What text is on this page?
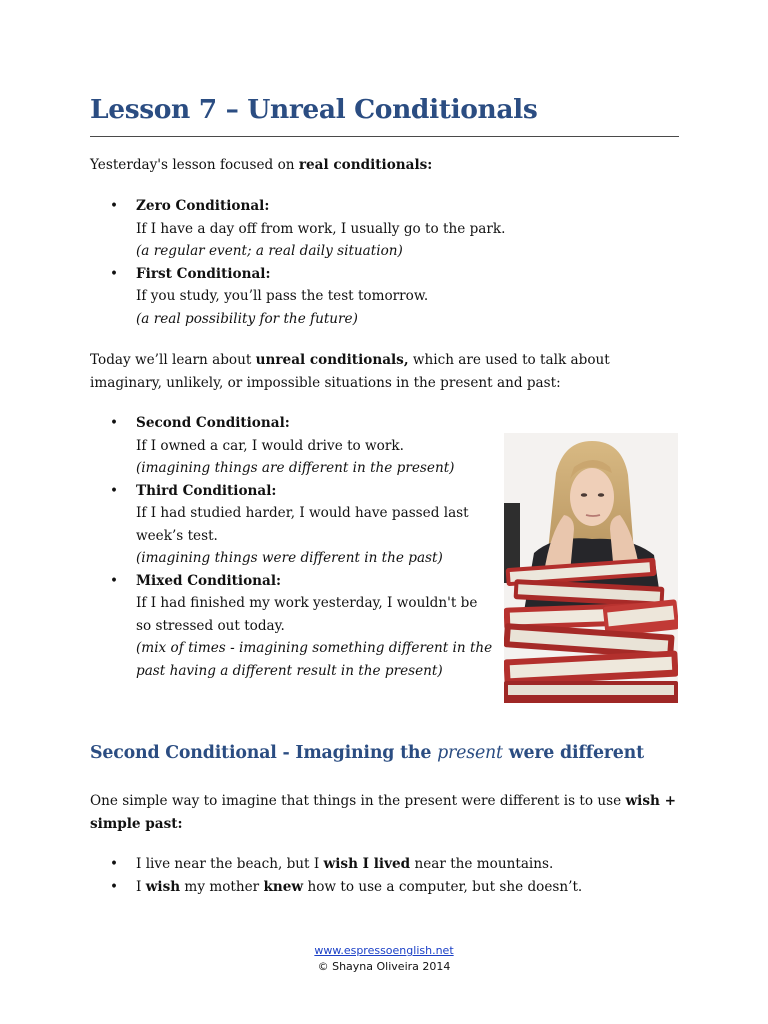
Lesson 7 – Unreal Conditionals

Yesterday's lesson focused on real conditionals:

• Zero Conditional:
If I have a day off from work, I usually go to the park.
(a regular event; a real daily situation)
• First Conditional:
If you study, you’ll pass the test tomorrow.
(a real possibility for the future)

Today we’ll learn about unreal conditionals, which are used to talk about
imaginary, unlikely, or impossible situations in the present and past:

• Second Conditional:
If I owned a car, I would drive to work.
(imagining things are different in the present)
• Third Conditional:
If I had studied harder, I would have passed last
week’s test.
(imagining things were different in the past)
• Mixed Conditional:
If I had finished my work yesterday, I wouldn't be
so stressed out today.
(mix of times - imagining something different in the
past having a different result in the present)
Second Conditional - Imagining the present were different

One simple way to imagine that things in the present were different is to use wish +
simple past:

• I live near the beach, but I wish I lived near the mountains.
• I wish my mother knew how to use a computer, but she doesn’t.
www.espressoenglish.net
© Shayna Oliveira 2014
